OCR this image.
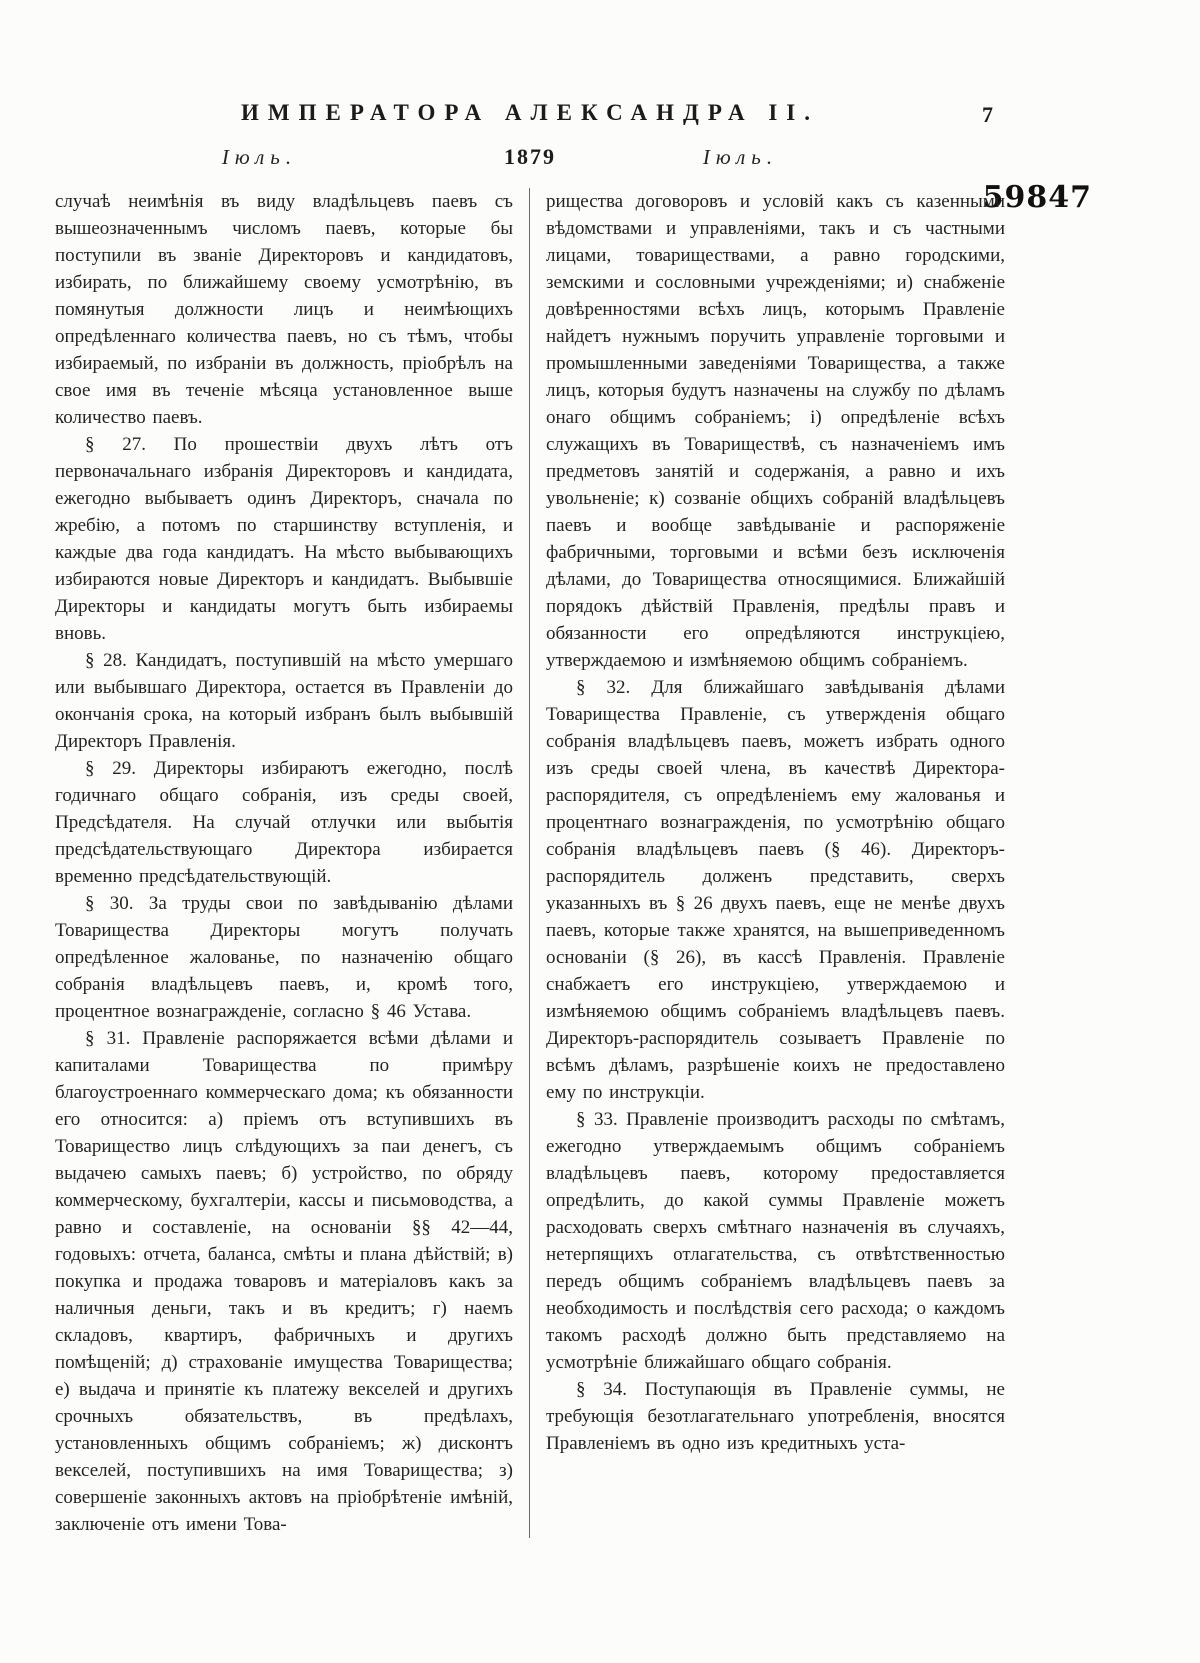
59847
ИМПЕРАТОРА АЛЕКСАНДРА II.	7
Іюль.	1879	Іюль.

случаѣ неимѣнія въ виду владѣльцевъ паевъ съ вышеозначеннымъ числомъ паевъ, которые бы поступили въ званіе Директоровъ и кандидатовъ, избирать, по ближайшему своему усмотрѣнію, въ помянутыя должности лицъ и неимѣющихъ опредѣленнаго количества паевъ, но съ тѣмъ, чтобы избираемый, по избраніи въ должность, пріобрѣлъ на свое имя въ теченіе мѣсяца установленное выше количество паевъ.

§ 27. По прошествіи двухъ лѣтъ отъ первоначальнаго избранія Директоровъ и кандидата, ежегодно выбываетъ одинъ Директоръ, сначала по жребію, а потомъ по старшинству вступленія, и каждые два года кандидатъ. На мѣсто выбывающихъ избираются новые Директоръ и кандидатъ. Выбывшіе Директоры и кандидаты могутъ быть избираемы вновь.

§ 28. Кандидатъ, поступившій на мѣсто умершаго или выбывшаго Директора, остается въ Правленіи до окончанія срока, на который избранъ былъ выбывшій Директоръ Правленія.

§ 29. Директоры избираютъ ежегодно, послѣ годичнаго общаго собранія, изъ среды своей, Предсѣдателя. На случай отлучки или выбытія предсѣдательствующаго Директора избирается временно предсѣдательствующій.

§ 30. За труды свои по завѣдыванію дѣлами Товарищества Директоры могутъ получать опредѣленное жалованье, по назначенію общаго собранія владѣльцевъ паевъ, и, кромѣ того, процентное вознагражденіе, согласно § 46 Устава.

§ 31. Правленіе распоряжается всѣми дѣлами и капиталами Товарищества по примѣру благоустроеннаго коммерческаго дома; къ обязанности его относится: а) пріемъ отъ вступившихъ въ Товарищество лицъ слѣдующихъ за паи денегъ, съ выдачею самыхъ паевъ; б) устройство, по обряду коммерческому, бухгалтеріи, кассы и письмоводства, а равно и составленіе, на основаніи §§ 42—44, годовыхъ: отчета, баланса, смѣты и плана дѣйствій; в) покупка и продажа товаровъ и матеріаловъ какъ за наличныя деньги, такъ и въ кредитъ; г) наемъ складовъ, квартиръ, фабричныхъ и другихъ помѣщеній; д) страхованіе имущества Товарищества; е) выдача и принятіе къ платежу векселей и другихъ срочныхъ обязательствъ, въ предѣлахъ, установленныхъ общимъ собраніемъ; ж) дисконтъ векселей, поступившихъ на имя Товарищества; з) совершеніе законныхъ актовъ на пріобрѣтеніе имѣній, заключеніе отъ имени Това-

рищества договоровъ и условій какъ съ казенными вѣдомствами и управленіями, такъ и съ частными лицами, товариществами, а равно городскими, земскими и сословными учрежденіями; и) снабженіе довѣренностями всѣхъ лицъ, которымъ Правленіе найдетъ нужнымъ поручить управленіе торговыми и промышленными заведеніями Товарищества, а также лицъ, которыя будутъ назначены на службу по дѣламъ онаго общимъ собраніемъ; і) опредѣленіе всѣхъ служащихъ въ Товариществѣ, съ назначеніемъ имъ предметовъ занятій и содержанія, а равно и ихъ увольненіе; к) созваніе общихъ собраній владѣльцевъ паевъ и вообще завѣдываніе и распоряженіе фабричными, торговыми и всѣми безъ исключенія дѣлами, до Товарищества относящимися. Ближайшій порядокъ дѣйствій Правленія, предѣлы правъ и обязанности его опредѣляются инструкціею, утверждаемою и измѣняемою общимъ собраніемъ.

§ 32. Для ближайшаго завѣдыванія дѣлами Товарищества Правленіе, съ утвержденія общаго собранія владѣльцевъ паевъ, можетъ избрать одного изъ среды своей члена, въ качествѣ Директора-распорядителя, съ опредѣленіемъ ему жалованья и процентнаго вознагражденія, по усмотрѣнію общаго собранія владѣльцевъ паевъ (§ 46). Директоръ-распорядитель долженъ представить, сверхъ указанныхъ въ § 26 двухъ паевъ, еще не менѣе двухъ паевъ, которые также хранятся, на вышеприведенномъ основаніи (§ 26), въ кассѣ Правленія. Правленіе снабжаетъ его инструкціею, утверждаемою и измѣняемою общимъ собраніемъ владѣльцевъ паевъ. Директоръ-распорядитель созываетъ Правленіе по всѣмъ дѣламъ, разрѣшеніе коихъ не предоставлено ему по инструкціи.

§ 33. Правленіе производитъ расходы по смѣтамъ, ежегодно утверждаемымъ общимъ собраніемъ владѣльцевъ паевъ, которому предоставляется опредѣлить, до какой суммы Правленіе можетъ расходовать сверхъ смѣтнаго назначенія въ случаяхъ, нетерпящихъ отлагательства, съ отвѣтственностью передъ общимъ собраніемъ владѣльцевъ паевъ за необходимость и послѣдствія сего расхода; о каждомъ такомъ расходѣ должно быть представляемо на усмотрѣніе ближайшаго общаго собранія.

§ 34. Поступающія въ Правленіе суммы, не требующія безотлагательнаго употребленія, вносятся Правленіемъ въ одно изъ кредитныхъ уста-
